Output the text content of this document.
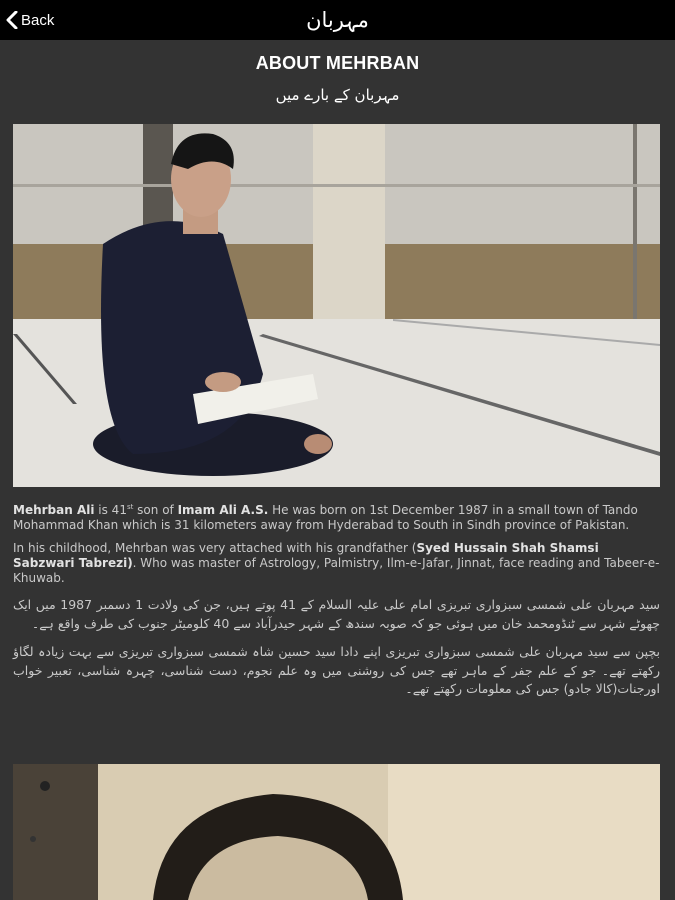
Back	مہربان
ABOUT MEHRBAN
مہربان کے بارے میں

Mehrban Ali is 41st son of Imam Ali A.S. He was born on 1st December 1987 in a small town of Tando Mohammad Khan which is 31 kilometers away from Hyderabad to South in Sindh province of Pakistan.

In his childhood, Mehrban was very attached with his grandfather (Syed Hussain Shah Shamsi Sabzwari Tabrezi). Who was master of Astrology, Palmistry, Ilm-e-Jafar, Jinnat, face reading and Tabeer-e-Khuwab.

سید مہربان علی شمسی سبزواری تبریزی امام علی علیہ السلام کے 41 پوتے ہیں، جن کی ولادت 1 دسمبر 1987 میں ایک چھوٹے شہر سے ٹنڈومحمد خان میں ہوئی جو کہ صوبہ سندھ کے شہر حیدرآباد سے 40 کلومیٹر جنوب کی طرف واقع ہے۔

بچپن سے سید مہربان علی شمسی سبزواری تبریزی اپنے دادا سید حسین شاہ شمسی سبزواری تبریزی سے بہت زیادہ لگاؤ رکھتے تھے۔ جو کے علم جفر کے ماہر تھے جس کی روشنی میں وہ علم نجوم، دست شناسی، چہرہ شناسی، تعبیر خواب اورجنات(کالا جادو) جس کی معلومات رکھتے تھے۔
